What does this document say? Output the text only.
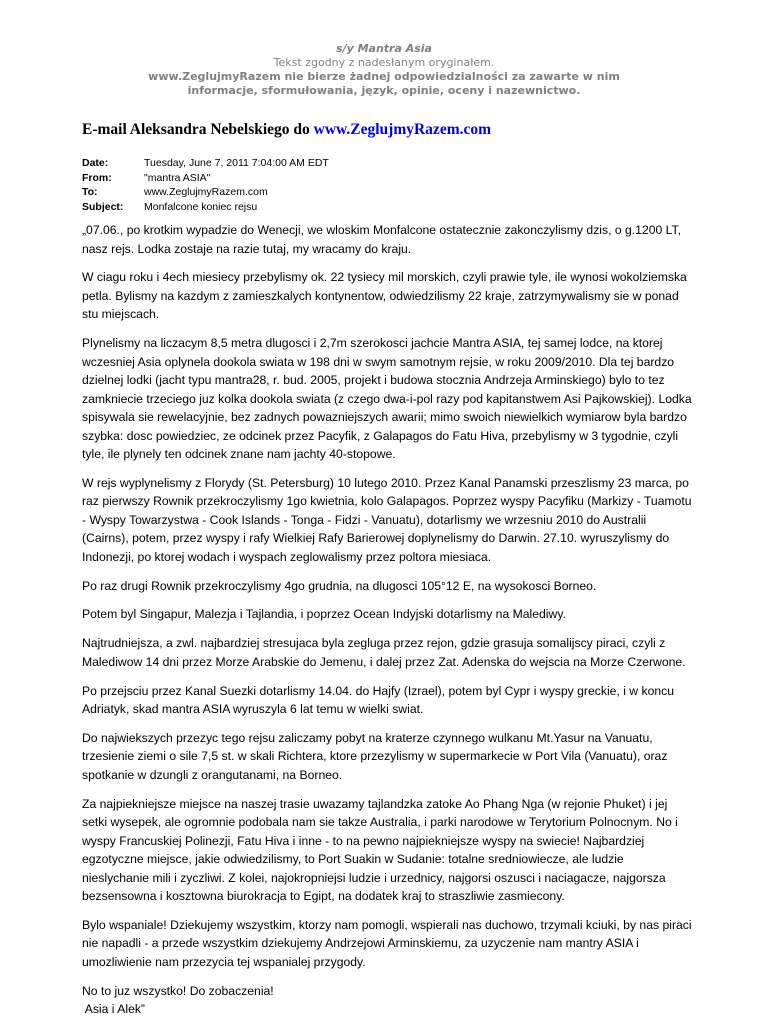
s/y Mantra Asia
Tekst zgodny z nadesłanym oryginałem.
www.ZeglujmyRazem nie bierze żadnej odpowiedzialności za zawarte w nim
informacje, sformułowania, język, opinie, oceny i nazewnictwo.
E-mail Aleksandra Nebelskiego do www.ZeglujmyRazem.com
Date:	Tuesday, June 7, 2011 7:04:00 AM EDT
From:	"mantra ASIA"
To:	www.ZeglujmyRazem.com
Subject:	Monfalcone koniec rejsu

„07.06., po krotkim wypadzie do Wenecji, we wloskim Monfalcone ostatecznie zakonczylismy dzis, o g.1200 LT, nasz rejs. Lodka zostaje na razie tutaj, my wracamy do kraju.

W ciagu roku i 4ech miesiecy przebylismy ok. 22 tysiecy mil morskich, czyli prawie tyle, ile wynosi wokolziemska petla. Bylismy na kazdym z zamieszkalych kontynentow, odwiedzilismy 22 kraje, zatrzymywalismy sie w ponad stu miejscach.

Plynelismy na liczacym 8,5 metra dlugosci i 2,7m szerokosci jachcie Mantra ASIA, tej samej lodce, na ktorej wczesniej Asia oplynela dookola swiata w 198 dni w swym samotnym rejsie, w roku 2009/2010. Dla tej bardzo dzielnej lodki (jacht typu mantra28, r. bud. 2005, projekt i budowa stocznia Andrzeja Arminskiego) bylo to tez zamkniecie trzeciego juz kolka dookola swiata (z czego dwa-i-pol razy pod kapitanstwem Asi Pajkowskiej). Lodka spisywala sie rewelacyjnie, bez zadnych powazniejszych awarii; mimo swoich niewielkich wymiarow byla bardzo szybka: dosc powiedziec, ze odcinek przez Pacyfik, z Galapagos do Fatu Hiva, przebylismy w 3 tygodnie, czyli tyle, ile plynely ten odcinek znane nam jachty 40-stopowe.

W rejs wyplynelismy z Florydy (St. Petersburg) 10 lutego 2010. Przez Kanal Panamski przeszlismy 23 marca, po raz pierwszy Rownik przekroczylismy 1go kwietnia, kolo Galapagos. Poprzez wyspy Pacyfiku (Markizy - Tuamotu - Wyspy Towarzystwa - Cook Islands - Tonga - Fidzi - Vanuatu), dotarlismy we wrzesniu 2010 do Australii (Cairns), potem, przez wyspy i rafy Wielkiej Rafy Barierowej doplynelismy do Darwin. 27.10. wyruszylismy do Indonezji, po ktorej wodach i wyspach zeglowalismy przez poltora miesiaca.

Po raz drugi Rownik przekroczylismy 4go grudnia, na dlugosci 105°12 E, na wysokosci Borneo.

Potem byl Singapur, Malezja i Tajlandia, i poprzez Ocean Indyjski dotarlismy na Malediwy.

Najtrudniejsza, a zwl. najbardziej stresujaca byla zegluga przez rejon, gdzie grasuja somalijscy piraci, czyli z Malediwow 14 dni przez Morze Arabskie do Jemenu, i dalej przez Zat. Adenska do wejscia na Morze Czerwone.

Po przejsciu przez Kanal Suezki dotarlismy 14.04. do Hajfy (Izrael), potem byl Cypr i wyspy greckie, i w koncu Adriatyk, skad mantra ASIA wyruszyla 6 lat temu w wielki swiat.

Do najwiekszych przezyc tego rejsu zaliczamy pobyt na kraterze czynnego wulkanu Mt.Yasur na Vanuatu, trzesienie ziemi o sile 7,5 st. w skali Richtera, ktore przezylismy w supermarkecie w Port Vila (Vanuatu), oraz spotkanie w dzungli z orangutanami, na Borneo.

Za najpiekniejsze miejsce na naszej trasie uwazamy tajlandzka zatoke Ao Phang Nga (w rejonie Phuket) i jej setki wysepek, ale ogromnie podobala nam sie takze Australia, i parki narodowe w Terytorium Polnocnym. No i wyspy Francuskiej Polinezji, Fatu Hiva i inne - to na pewno najpiekniejsze wyspy na swiecie! Najbardziej egzotyczne miejsce, jakie odwiedzilismy, to Port Suakin w Sudanie: totalne sredniowiecze, ale ludzie nieslychanie mili i zyczliwi. Z kolei, najokropniejsi ludzie i urzednicy, najgorsi oszusci i naciagacze, najgorsza bezsensowna i kosztowna biurokracja to Egipt, na dodatek kraj to straszliwie zasmiecony.

Bylo wspaniale! Dziekujemy wszystkim, ktorzy nam pomogli, wspierali nas duchowo, trzymali kciuki, by nas piraci nie napadli - a przede wszystkim dziekujemy Andrzejowi Arminskiemu, za uzyczenie nam mantry ASIA i umozliwienie nam przezycia tej wspanialej przygody.

No to juz wszystko! Do zobaczenia!

Asia i Alek”
